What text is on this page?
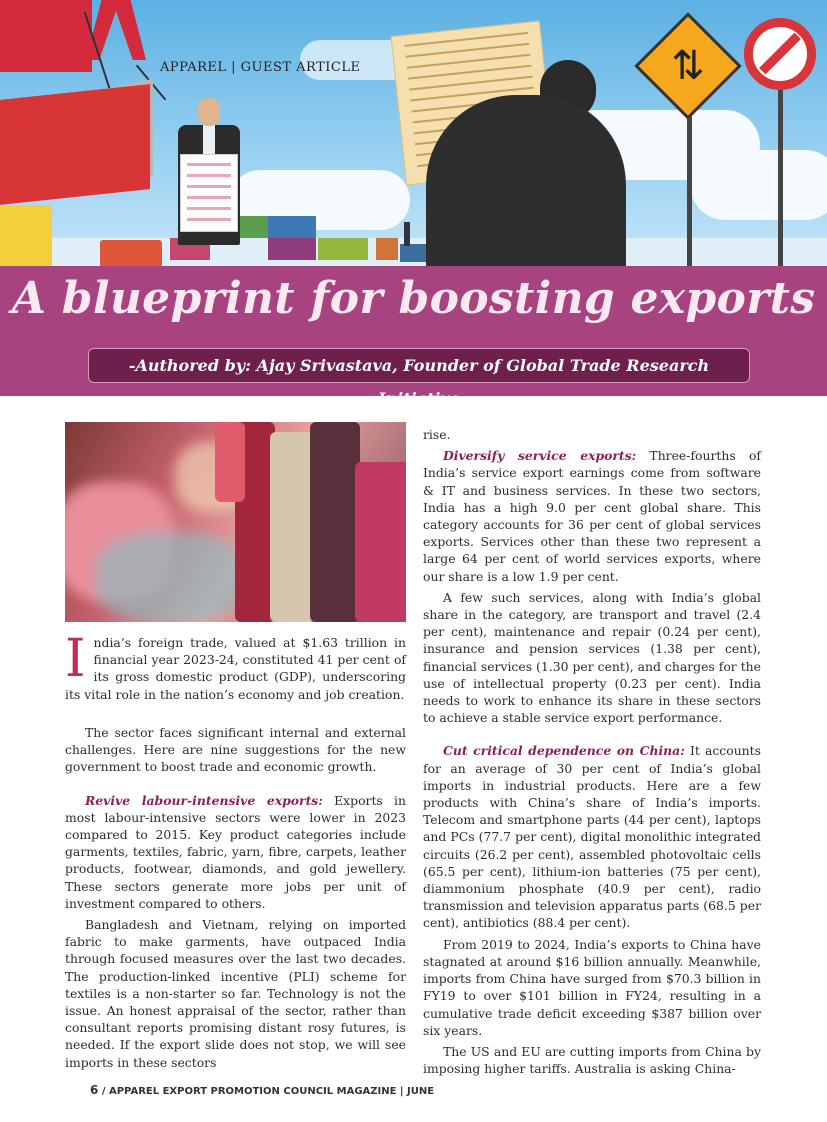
APPAREL | GUEST ARTICLE	⇅
A blueprint for boosting exports
-Authored by: Ajay Srivastava, Founder of Global Trade Research Initiative
I ndia’s foreign trade, valued at $1.63 trillion in financial year 2023-24, constituted 41 per cent of its gross domestic product (GDP), underscoring its vital role in the nation’s economy and job creation.

The sector faces significant internal and external challenges. Here are nine suggestions for the new government to boost trade and economic growth.

Revive labour-intensive exports: Exports in most labour-intensive sectors were lower in 2023 compared to 2015. Key product categories include garments, textiles, fabric, yarn, fibre, carpets, leather products, footwear, diamonds, and gold jewellery. These sectors generate more jobs per unit of investment compared to others.

Bangladesh and Vietnam, relying on imported fabric to make garments, have outpaced India through focused measures over the last two decades. The production-linked incentive (PLI) scheme for textiles is a non-starter so far. Technology is not the issue. An honest appraisal of the sector, rather than consultant reports promising distant rosy futures, is needed. If the export slide does not stop, we will see imports in these sectors

rise.

Diversify service exports: Three-fourths of India’s service export earnings come from software & IT and business services. In these two sectors, India has a high 9.0 per cent global share. This category accounts for 36 per cent of global services exports. Services other than these two represent a large 64 per cent of world services exports, where our share is a low 1.9 per cent.

A few such services, along with India’s global share in the category, are transport and travel (2.4 per cent), maintenance and repair (0.24 per cent), insurance and pension services (1.38 per cent), financial services (1.30 per cent), and charges for the use of intellectual property (0.23 per cent). India needs to work to enhance its share in these sectors to achieve a stable service export performance.

Cut critical dependence on China: It accounts for an average of 30 per cent of India’s global imports in industrial products. Here are a few products with China’s share of India’s imports. Telecom and smartphone parts (44 per cent), laptops and PCs (77.7 per cent), digital monolithic integrated circuits (26.2 per cent), assembled photovoltaic cells (65.5 per cent), lithium-ion batteries (75 per cent), diammonium phosphate (40.9 per cent), radio transmission and television apparatus parts (68.5 per cent), antibiotics (88.4 per cent).

From 2019 to 2024, India’s exports to China have stagnated at around $16 billion annually. Meanwhile, imports from China have surged from $70.3 billion in FY19 to over $101 billion in FY24, resulting in a cumulative trade deficit exceeding $387 billion over six years.

The US and EU are cutting imports from China by imposing higher tariffs. Australia is asking China-

6 / APPAREL EXPORT PROMOTION COUNCIL MAGAZINE | JUNE
